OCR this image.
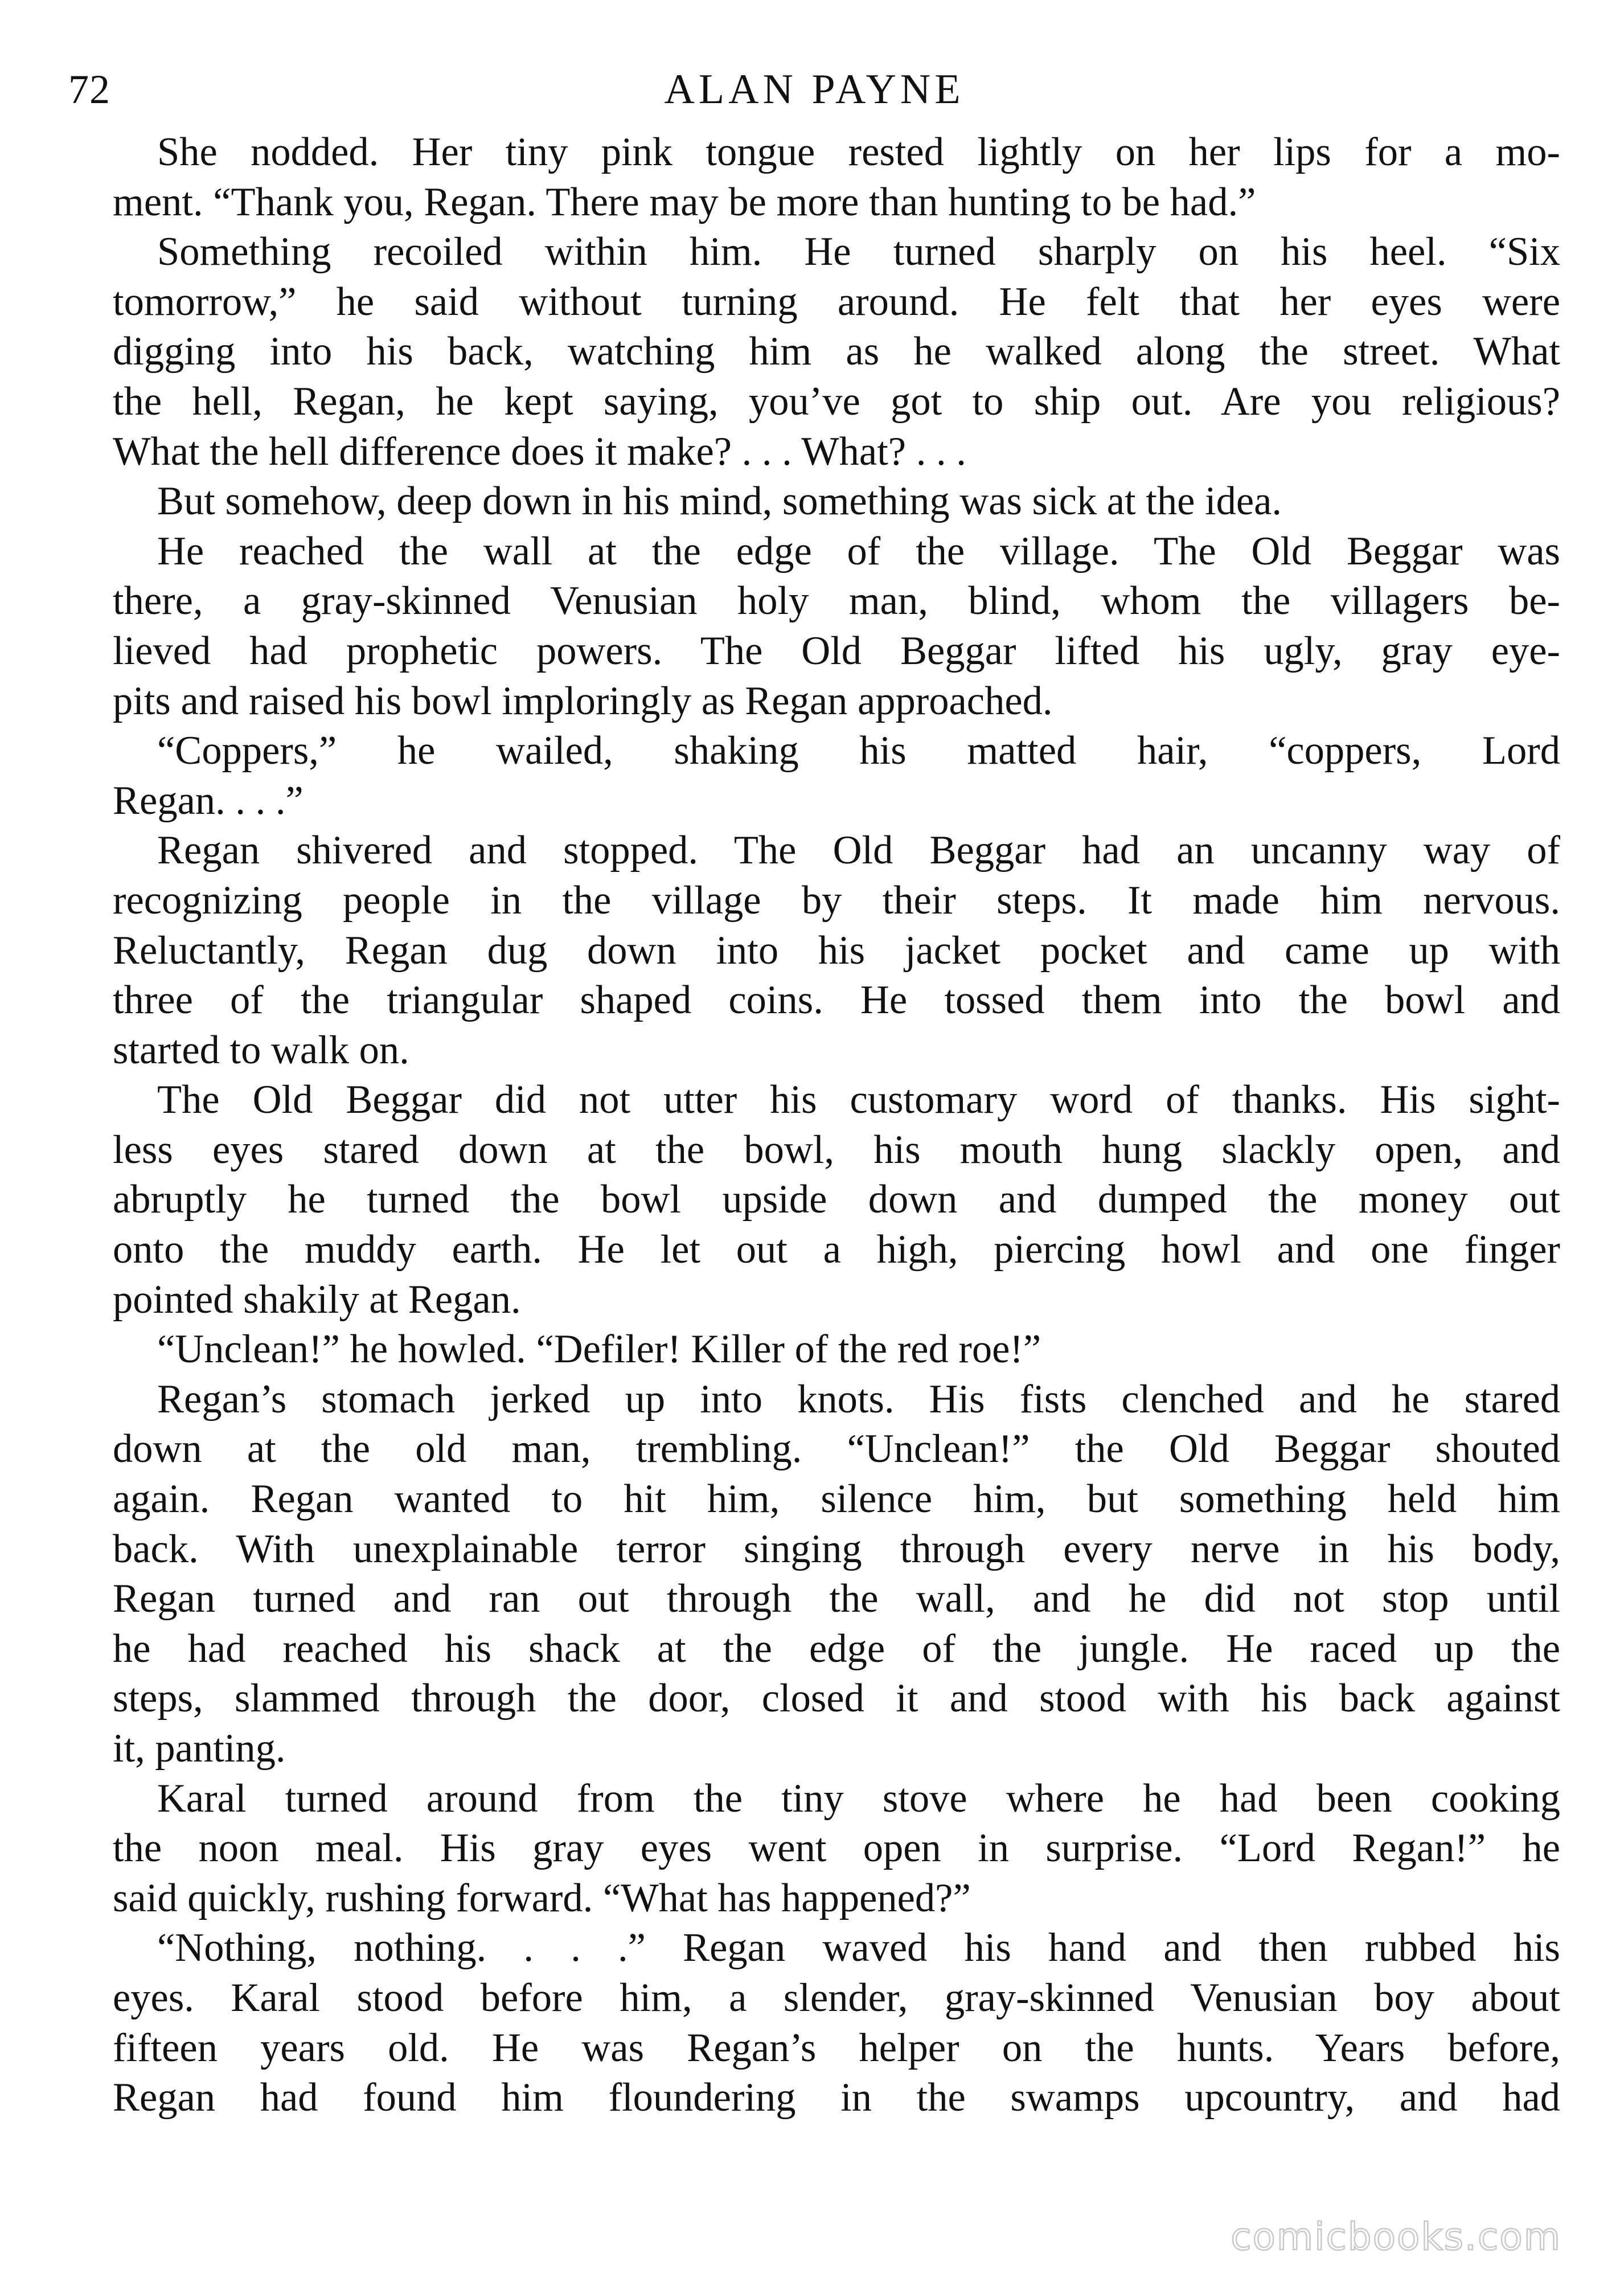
72	ALAN PAYNE
She nodded. Her tiny pink tongue rested lightly on her lips for a mo-
ment. “Thank you, Regan. There may be more than hunting to be had.”
Something recoiled within him. He turned sharply on his heel. “Six
tomorrow,” he said without turning around. He felt that her eyes were
digging into his back, watching him as he walked along the street. What
the hell, Regan, he kept saying, you’ve got to ship out. Are you religious?
What the hell difference does it make? . . . What? . . .
But somehow, deep down in his mind, something was sick at the idea.
He reached the wall at the edge of the village. The Old Beggar was
there, a gray-skinned Venusian holy man, blind, whom the villagers be-
lieved had prophetic powers. The Old Beggar lifted his ugly, gray eye-
pits and raised his bowl imploringly as Regan approached.
“Coppers,” he wailed, shaking his matted hair, “coppers, Lord
Regan. . . .”
Regan shivered and stopped. The Old Beggar had an uncanny way of
recognizing people in the village by their steps. It made him nervous.
Reluctantly, Regan dug down into his jacket pocket and came up with
three of the triangular shaped coins. He tossed them into the bowl and
started to walk on.
The Old Beggar did not utter his customary word of thanks. His sight-
less eyes stared down at the bowl, his mouth hung slackly open, and
abruptly he turned the bowl upside down and dumped the money out
onto the muddy earth. He let out a high, piercing howl and one finger
pointed shakily at Regan.
“Unclean!” he howled. “Defiler! Killer of the red roe!”
Regan’s stomach jerked up into knots. His fists clenched and he stared
down at the old man, trembling. “Unclean!” the Old Beggar shouted
again. Regan wanted to hit him, silence him, but something held him
back. With unexplainable terror singing through every nerve in his body,
Regan turned and ran out through the wall, and he did not stop until
he had reached his shack at the edge of the jungle. He raced up the
steps, slammed through the door, closed it and stood with his back against
it, panting.
Karal turned around from the tiny stove where he had been cooking
the noon meal. His gray eyes went open in surprise. “Lord Regan!” he
said quickly, rushing forward. “What has happened?”
“Nothing, nothing. . . .” Regan waved his hand and then rubbed his
eyes. Karal stood before him, a slender, gray-skinned Venusian boy about
fifteen years old. He was Regan’s helper on the hunts. Years before,
Regan had found him floundering in the swamps upcountry, and had
comicbooks.com
